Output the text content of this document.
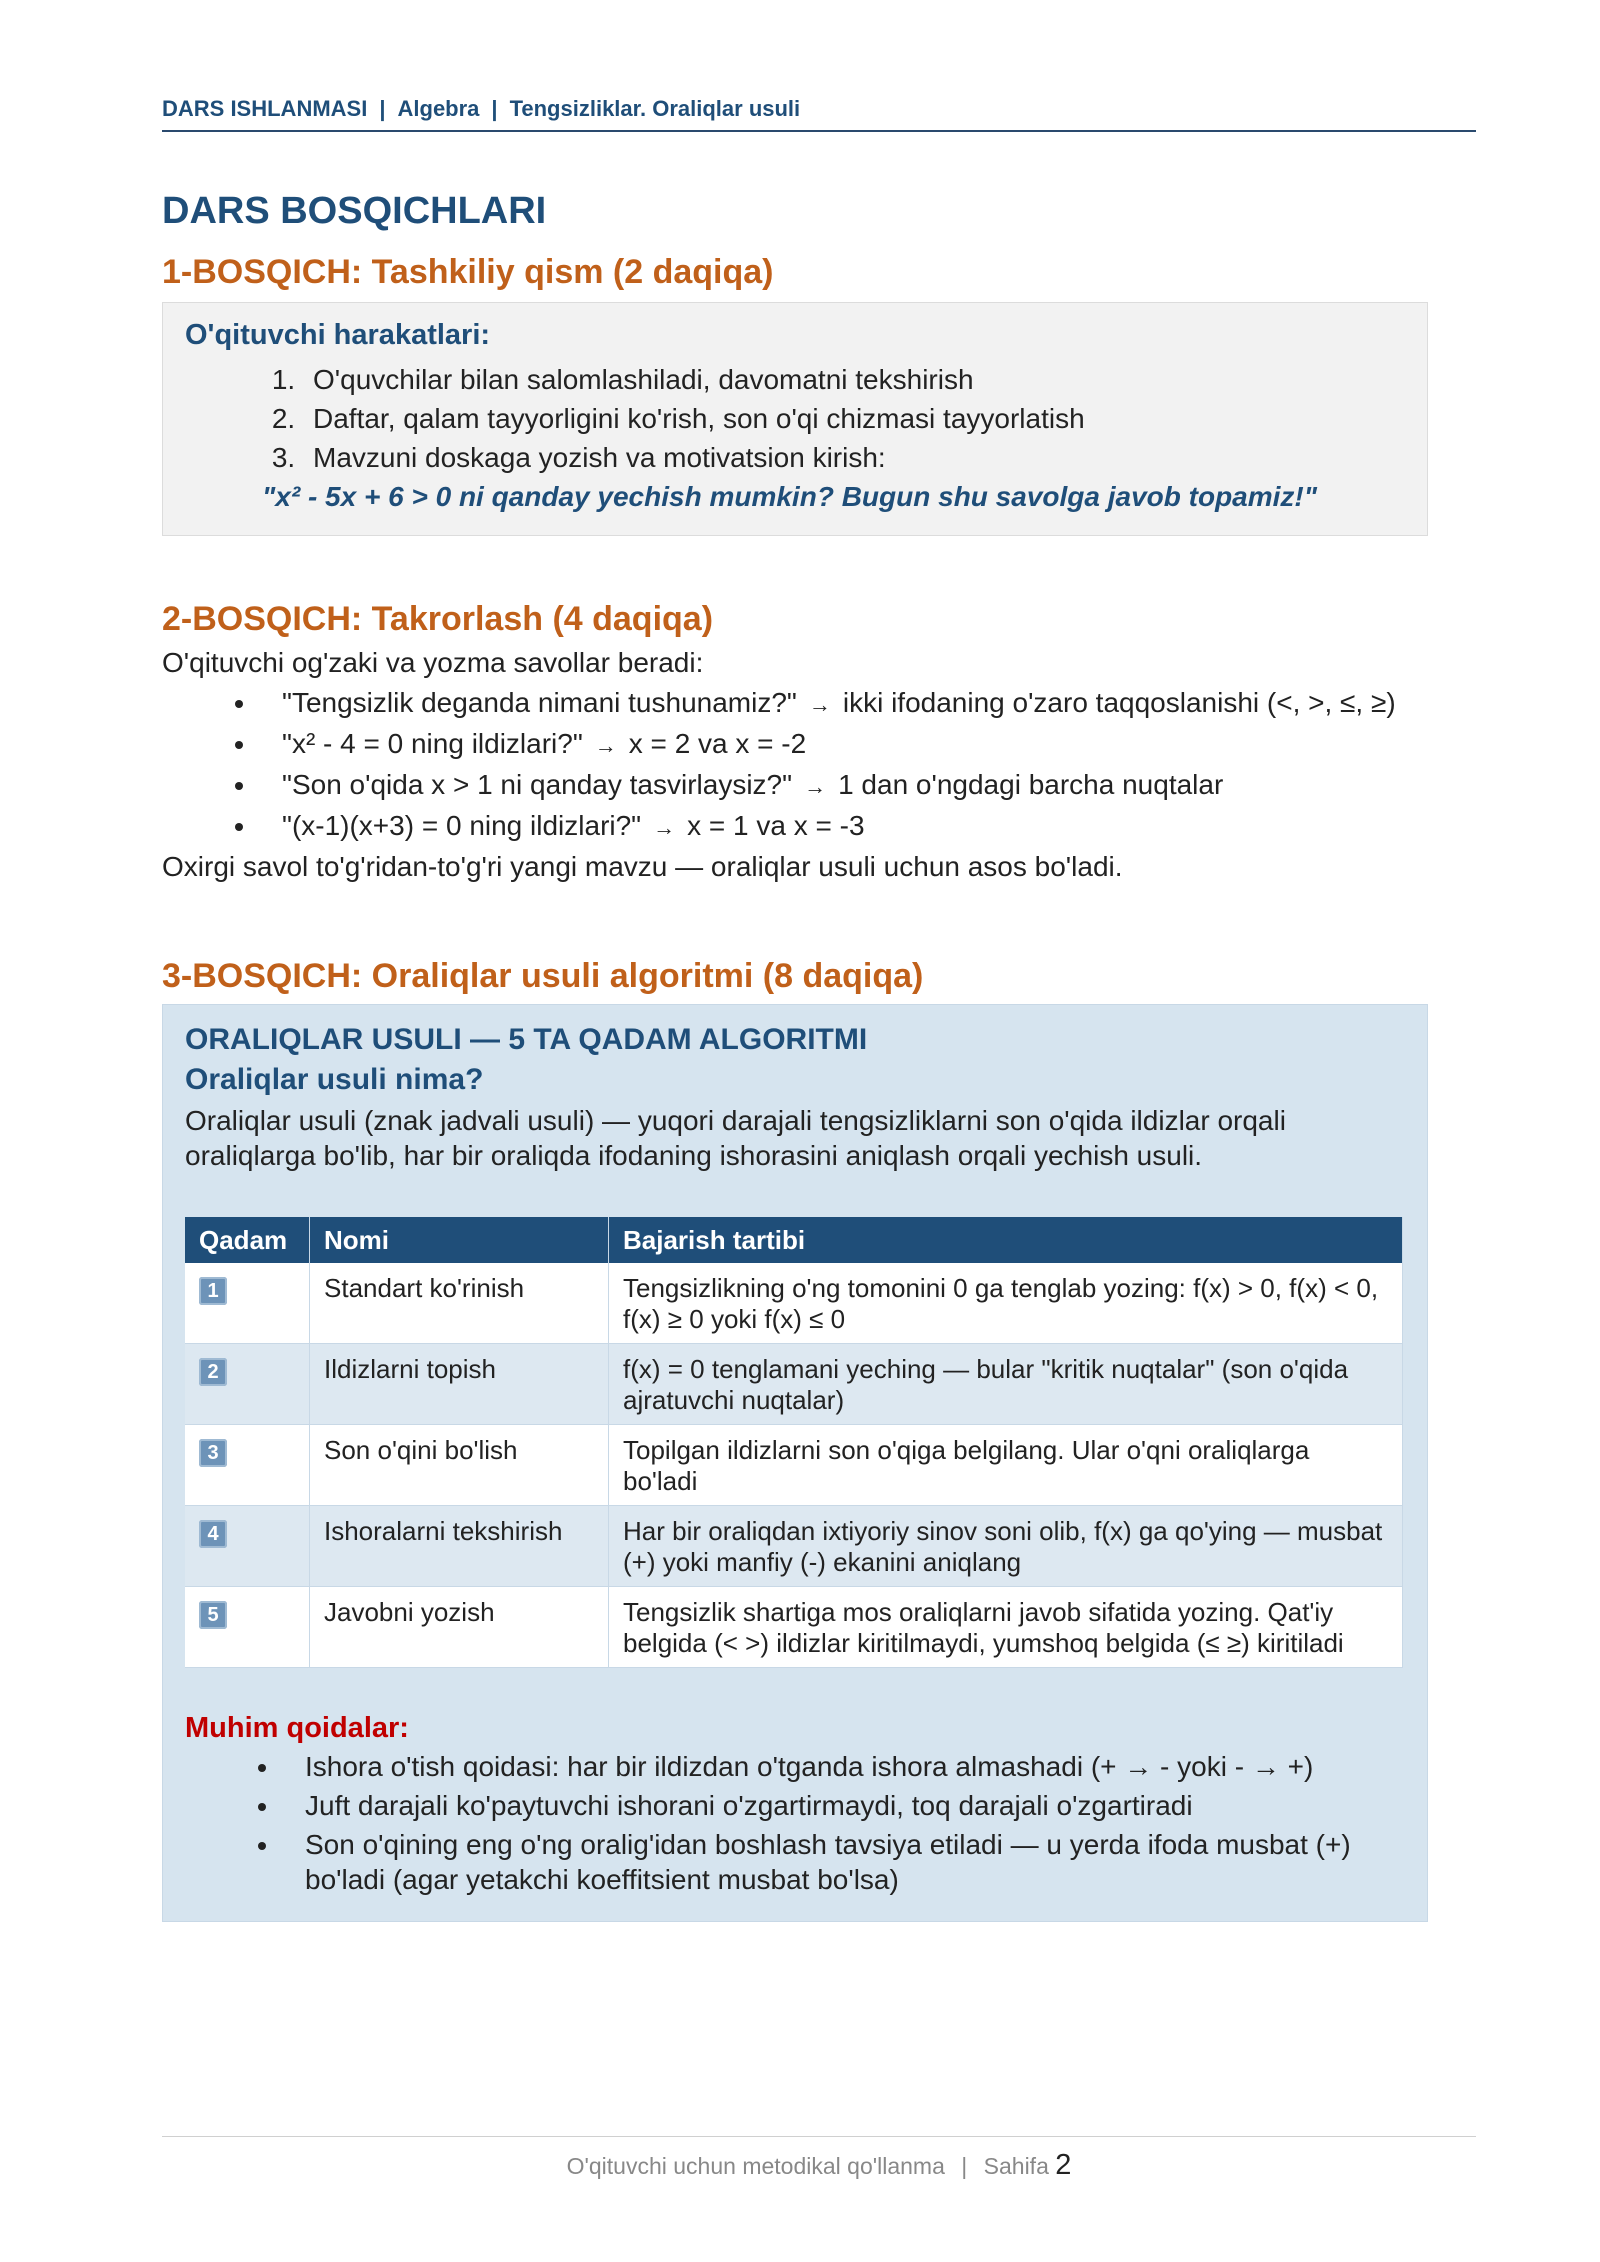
DARS ISHLANMASI | Algebra | Tengsizliklar. Oraliqlar usuli
DARS BOSQICHLARI
1-BOSQICH: Tashkiliy qism (2 daqiqa)
O'qituvchi harakatlari:
1. O'quvchilar bilan salomlashiladi, davomatni tekshirish
2. Daftar, qalam tayyorligini ko'rish, son o'qi chizmasi tayyorlatish
3. Mavzuni doskaga yozish va motivatsion kirish:
"x² - 5x + 6 > 0 ni qanday yechish mumkin? Bugun shu savolga javob topamiz!"
2-BOSQICH: Takrorlash (4 daqiqa)
O'qituvchi og'zaki va yozma savollar beradi:
• "Tengsizlik deganda nimani tushunamiz?" → ikki ifodaning o'zaro taqqoslanishi (<, >, ≤, ≥)
• "x² - 4 = 0 ning ildizlari?" → x = 2 va x = -2
• "Son o'qida x > 1 ni qanday tasvirlaysiz?" → 1 dan o'ngdagi barcha nuqtalar
• "(x-1)(x+3) = 0 ning ildizlari?" → x = 1 va x = -3
Oxirgi savol to'g'ridan-to'g'ri yangi mavzu — oraliqlar usuli uchun asos bo'ladi.
3-BOSQICH: Oraliqlar usuli algoritmi (8 daqiqa)
ORALIQLAR USULI — 5 TA QADAM ALGORITMI
Oraliqlar usuli nima?
Oraliqlar usuli (znak jadvali usuli) — yuqori darajali tengsizliklarni son o'qida ildizlar orqali oraliqlarga bo'lib, har bir oraliqda ifodaning ishorasini aniqlash orqali yechish usuli.
Qadam	Nomi	Bajarish tartibi
1	Standart ko'rinish	Tengsizlikning o'ng tomonini 0 ga tenglab yozing: f(x) > 0, f(x) < 0, f(x) ≥ 0 yoki f(x) ≤ 0
2	Ildizlarni topish	f(x) = 0 tenglamani yeching — bular "kritik nuqtalar" (son o'qida ajratuvchi nuqtalar)
3	Son o'qini bo'lish	Topilgan ildizlarni son o'qiga belgilang. Ular o'qni oraliqlarga bo'ladi
4	Ishoralarni tekshirish	Har bir oraliqdan ixtiyoriy sinov soni olib, f(x) ga qo'ying — musbat (+) yoki manfiy (-) ekanini aniqlang
5	Javobni yozish	Tengsizlik shartiga mos oraliqlarni javob sifatida yozing. Qat'iy belgida (< >) ildizlar kiritilmaydi, yumshoq belgida (≤ ≥) kiritiladi
Muhim qoidalar:
• Ishora o'tish qoidasi: har bir ildizdan o'tganda ishora almashadi (+ → - yoki - → +)
• Juft darajali ko'paytuvchi ishorani o'zgartirmaydi, toq darajali o'zgartiradi
• Son o'qining eng o'ng oralig'idan boshlash tavsiya etiladi — u yerda ifoda musbat (+) bo'ladi (agar yetakchi koeffitsient musbat bo'lsa)
O'qituvchi uchun metodikal qo'llanma | Sahifa 2
